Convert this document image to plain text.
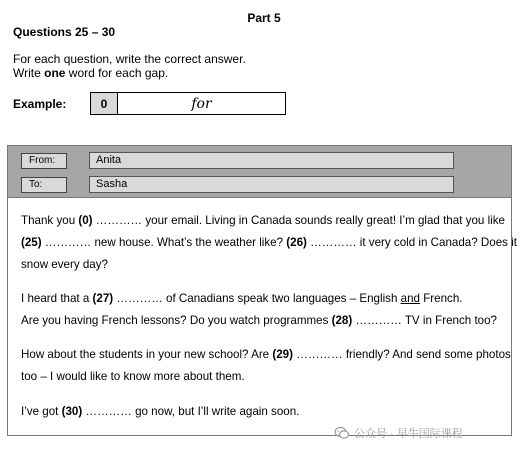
Part 5
Questions 25 – 30
For each question, write the correct answer.
Write one word for each gap.
Example:	0	for
From:	Anita
To:	Sasha
Thank you (0) ………… your email. Living in Canada sounds really great! I’m glad that you like
(25) ………… new house. What’s the weather like? (26) ………… it very cold in Canada? Does it
snow every day?
I heard that a (27) ………… of Canadians speak two languages – English and French.
Are you having French lessons? Do you watch programmes (28) ………… TV in French too?
How about the students in your new school? Are (29) ………… friendly? And send some photos
too – I would like to know more about them.
I’ve got (30) ………… go now, but I’ll write again soon.
公众号 · 早牛国际课程
